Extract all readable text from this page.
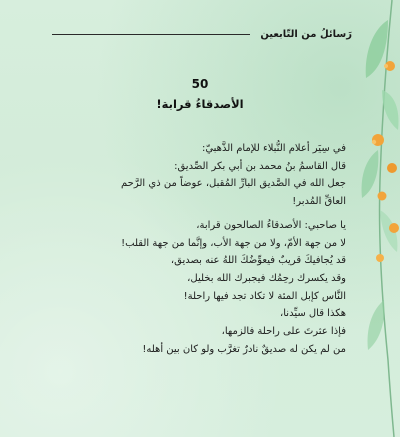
رَسائلُ من التّابعين
50
الأصدقاءُ قرابة!
في سِيَر أعلام النُّبلاء للإمام الذَّهبيّ:
قال القاسمُ بنُ محمد بن أبي بكر الصِّديق:
جعل الله في الصَّديق البارِّ المُقبل، عوضاً من ذي الرَّحم
العاقِّ المُدبر!
يا صاحبي: الأصدقاءُ الصالحون قرابة،
لا من جهة الأمّ، ولا من جهة الأب، وإنَّما من جهة القلب!
قد يُجافيكَ قريبٌ فيعوِّضُكَ اللهُ عنه بصديق،
وقد يكسرك رحِمُك فيجبرك الله بخليل،
النَّاس كإبل المئة لا تكاد تجد فيها راحلة!
هكذا قال سيِّدنا،
فإذا عثرتَ على راحلة فالزمها،
من لم يكن له صديقٌ نادرٌ تغرَّب ولو كان بين أهله!
